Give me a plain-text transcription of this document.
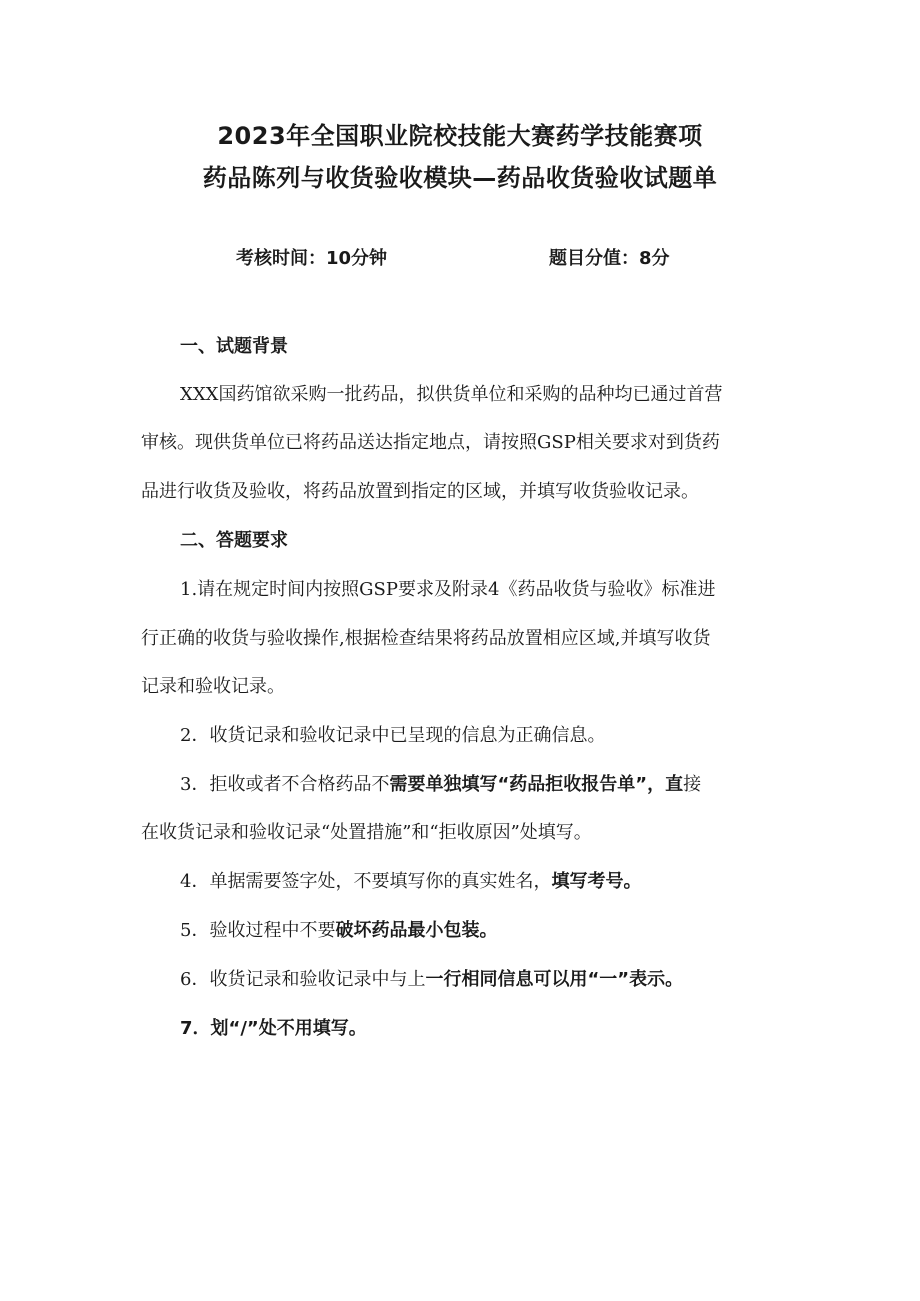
2023年全国职业院校技能大赛药学技能赛项
药品陈列与收货验收模块—药品收货验收试题单
考核时间：10分钟	题目分值：8分
一、试题背景
XXX国药馆欲采购一批药品，拟供货单位和采购的品种均已通过首营
审核。现供货单位已将药品送达指定地点，请按照GSP相关要求对到货药
品进行收货及验收，将药品放置到指定的区域，并填写收货验收记录。
二、答题要求
1.请在规定时间内按照GSP要求及附录4《药品收货与验收》标准进
行正确的收货与验收操作,根据检查结果将药品放置相应区域,并填写收货
记录和验收记录。
2．收货记录和验收记录中已呈现的信息为正确信息。
3．拒收或者不合格药品不需要单独填写“药品拒收报告单”，直接
在收货记录和验收记录“处置措施”和“拒收原因”处填写。
4．单据需要签字处，不要填写你的真实姓名，填写考号。
5．验收过程中不要破坏药品最小包装。
6．收货记录和验收记录中与上一行相同信息可以用“一”表示。
7．划“/”处不用填写。
